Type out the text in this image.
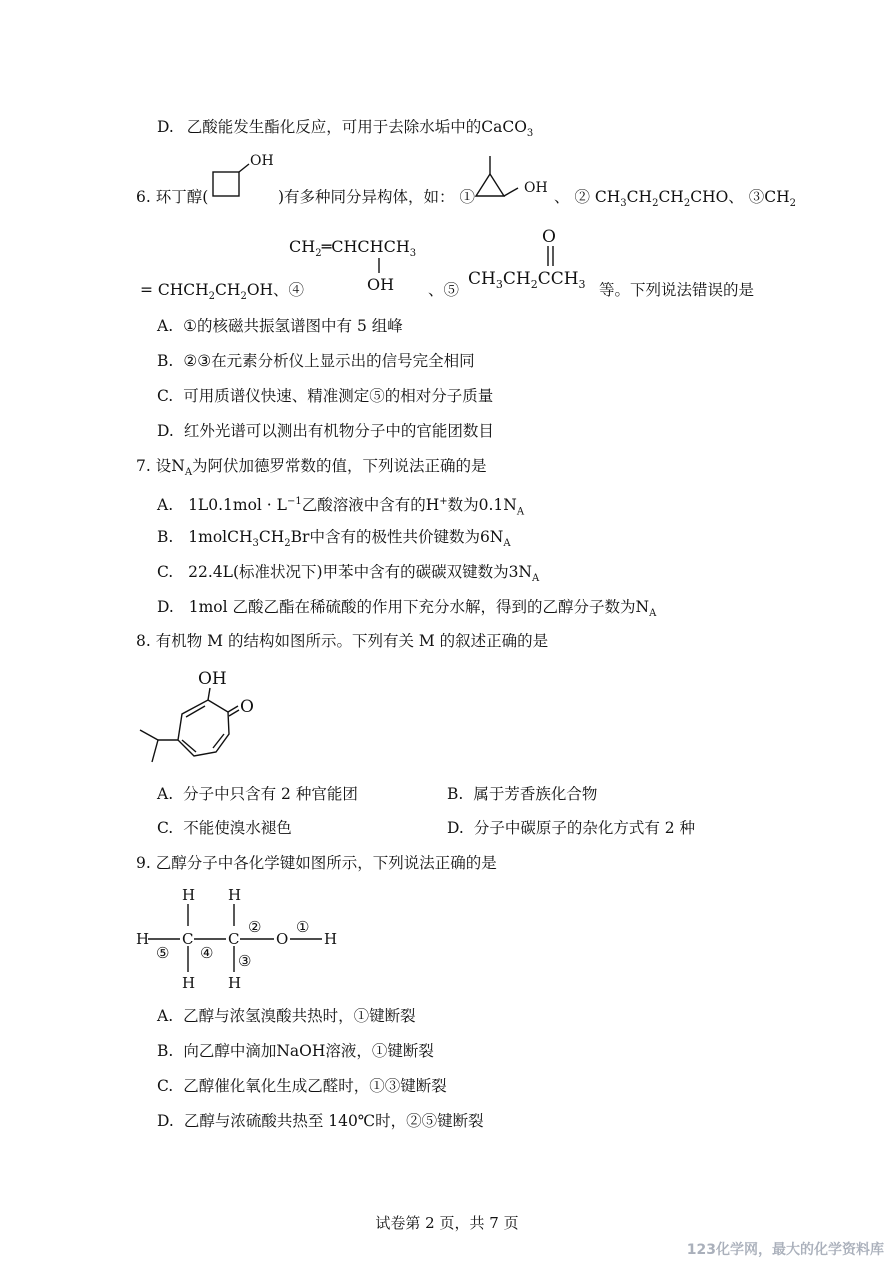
D. 乙酸能发生酯化反应，可用于去除水垢中的CaCO$_3$
6. 环丁醇(
OH
)有多种同分异构体，如： ①	OH 、 ② $CH_3CH_2CH_2CHO$、 $③CH_2$
$CH_2═CHCHCH_3$
OH
O
$CH_3CH_2CCH_3$
= $CHCH_2CH_2OH$、④	、⑤	等。下列说法错误的是
A. ①的核磁共振氢谱图中有 5 组峰
B. ②③在元素分析仪上显示出的信号完全相同
C. 可用质谱仪快速、精准测定⑤的相对分子质量
D. 红外光谱可以测出有机物分子中的官能团数目
7. 设$N_A$为阿伏加德罗常数的值，下列说法正确的是
A. $1L0.1mol \cdot L^{-1}$乙酸溶液中含有的H+数为$0.1N_A$
B. $1molCH_3CH_2Br$中含有的极性共价键数为$6N_A$
C. 22.4L(标准状况下)甲苯中含有的碳碳双键数为$3N_A$
D. 1mol 乙酸乙酯在稀硫酸的作用下充分水解，得到的乙醇分子数为$N_A$
8. 有机物 M 的结构如图所示。下列有关 M 的叙述正确的是
OH
O
A. 分子中只含有 2 种官能团	B. 属于芳香族化合物
C. 不能使溴水褪色	D. 分子中碳原子的杂化方式有 2 种
9. 乙醇分子中各化学键如图所示，下列说法正确的是
H C C O H
H H
H H
①
②
③
④
⑤
A. 乙醇与浓氢溴酸共热时，①键断裂
B. 向乙醇中滴加NaOH溶液，①键断裂
C. 乙醇催化氧化生成乙醛时，①③键断裂
D. 乙醇与浓硫酸共热至 140℃时，②⑤键断裂
试卷第 2 页，共 7 页
123化学网，最大的化学资料库
